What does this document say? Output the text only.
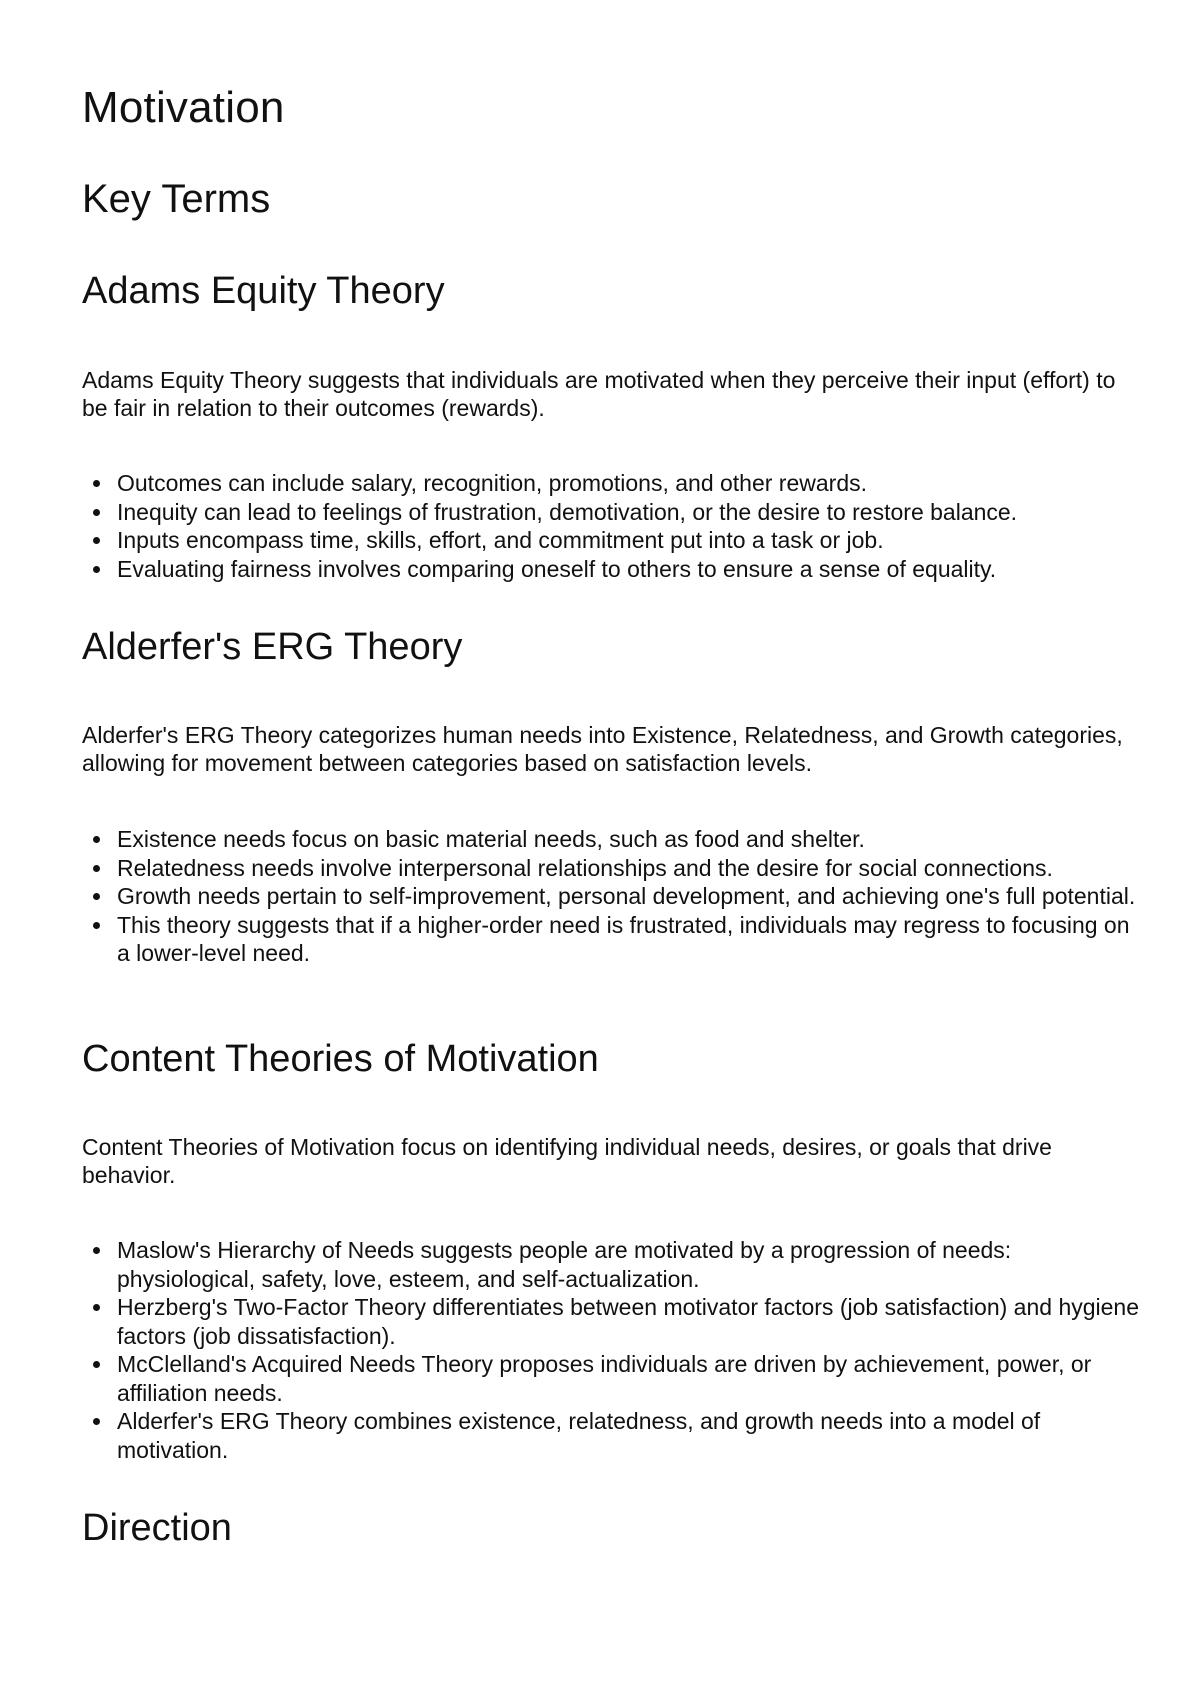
Motivation
Key Terms
Adams Equity Theory

Adams Equity Theory suggests that individuals are motivated when they perceive their input (effort) to be fair in relation to their outcomes (rewards).

Outcomes can include salary, recognition, promotions, and other rewards.
Inequity can lead to feelings of frustration, demotivation, or the desire to restore balance.
Inputs encompass time, skills, effort, and commitment put into a task or job.
Evaluating fairness involves comparing oneself to others to ensure a sense of equality.
Alderfer's ERG Theory

Alderfer's ERG Theory categorizes human needs into Existence, Relatedness, and Growth categories, allowing for movement between categories based on satisfaction levels.

Existence needs focus on basic material needs, such as food and shelter.
Relatedness needs involve interpersonal relationships and the desire for social connections.
Growth needs pertain to self-improvement, personal development, and achieving one's full potential.
This theory suggests that if a higher-order need is frustrated, individuals may regress to focusing on a lower-level need.
Content Theories of Motivation

Content Theories of Motivation focus on identifying individual needs, desires, or goals that drive behavior.

Maslow's Hierarchy of Needs suggests people are motivated by a progression of needs: physiological, safety, love, esteem, and self-actualization.
Herzberg's Two-Factor Theory differentiates between motivator factors (job satisfaction) and hygiene factors (job dissatisfaction).
McClelland's Acquired Needs Theory proposes individuals are driven by achievement, power, or affiliation needs.
Alderfer's ERG Theory combines existence, relatedness, and growth needs into a model of motivation.
Direction
